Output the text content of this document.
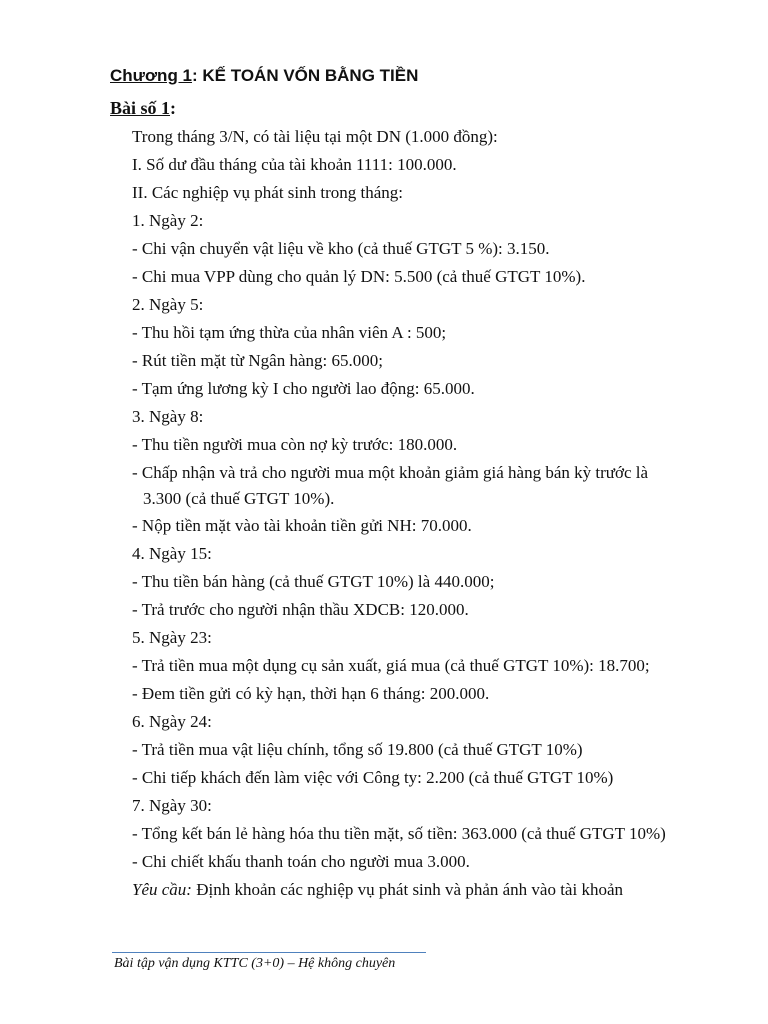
Chương 1: KẾ TOÁN VỐN BẰNG TIỀN
Bài số 1:
Trong tháng 3/N, có tài liệu tại một DN (1.000 đồng):
I. Số dư đầu tháng của tài khoản 1111: 100.000.
II. Các nghiệp vụ phát sinh trong tháng:
1. Ngày 2:
- Chi vận chuyển vật liệu về kho (cả thuế GTGT 5 %): 3.150.
- Chi mua VPP dùng cho quản lý DN: 5.500 (cả thuế GTGT 10%).
2. Ngày 5:
- Thu hồi tạm ứng thừa của nhân viên A : 500;
- Rút tiền mặt từ Ngân hàng: 65.000;
- Tạm ứng lương kỳ I cho người lao động: 65.000.
3. Ngày 8:
- Thu tiền người mua còn nợ kỳ trước: 180.000.
- Chấp nhận và trả cho người mua một khoản giảm giá hàng bán kỳ trước là
3.300 (cả thuế GTGT 10%).
- Nộp tiền mặt vào tài khoản tiền gửi NH: 70.000.
4. Ngày 15:
- Thu tiền bán hàng (cả thuế GTGT 10%) là 440.000;
- Trả trước cho người nhận thầu XDCB: 120.000.
5. Ngày 23:
- Trả tiền mua một dụng cụ sản xuất, giá mua (cả thuế GTGT 10%): 18.700;
- Đem tiền gửi có kỳ hạn, thời hạn 6 tháng: 200.000.
6. Ngày 24:
- Trả tiền mua vật liệu chính, tổng số 19.800 (cả thuế GTGT 10%)
- Chi tiếp khách đến làm việc với Công ty: 2.200 (cả thuế GTGT 10%)
7. Ngày 30:
- Tổng kết bán lẻ hàng hóa thu tiền mặt, số tiền: 363.000 (cả thuế GTGT 10%)
- Chi chiết khấu thanh toán cho người mua 3.000.
Yêu cầu: Định khoản các nghiệp vụ phát sinh và phản ánh vào tài khoản
Bài tập vận dụng KTTC (3+0) – Hệ không chuyên
